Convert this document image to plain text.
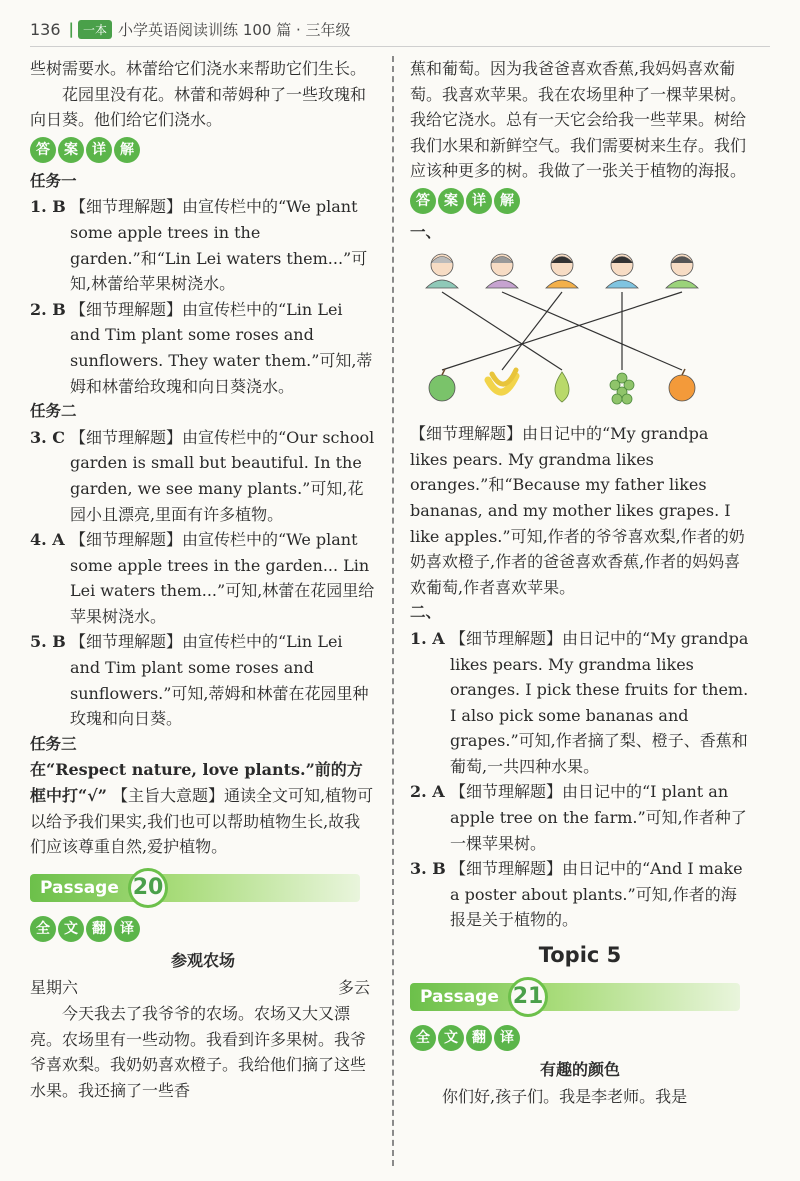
136 | 一本 小学英语阅读训练 100 篇 · 三年级

些树需要水。林蕾给它们浇水来帮助它们生长。

花园里没有花。林蕾和蒂姆种了一些玫瑰和向日葵。他们给它们浇水。

答	案	详	解

任务一

1. B 【细节理解题】由宣传栏中的“We plant some apple trees in the garden.”和“Lin Lei waters them...”可知,林蕾给苹果树浇水。
2. B 【细节理解题】由宣传栏中的“Lin Lei and Tim plant some roses and sunflowers. They water them.”可知,蒂姆和林蕾给玫瑰和向日葵浇水。

任务二

3. C 【细节理解题】由宣传栏中的“Our school garden is small but beautiful. In the garden, we see many plants.”可知,花园小且漂亮,里面有许多植物。
4. A 【细节理解题】由宣传栏中的“We plant some apple trees in the garden... Lin Lei waters them...”可知,林蕾在花园里给苹果树浇水。
5. B 【细节理解题】由宣传栏中的“Lin Lei and Tim plant some roses and sunflowers.”可知,蒂姆和林蕾在花园里种玫瑰和向日葵。

任务三

在“Respect nature, love plants.”前的方框中打“√” 【主旨大意题】通读全文可知,植物可以给予我们果实,我们也可以帮助植物生长,故我们应该尊重自然,爱护植物。

Passage 20
全	文	翻	译

参观农场

星期六	多云

今天我去了我爷爷的农场。农场又大又漂亮。农场里有一些动物。我看到许多果树。我爷爷喜欢梨。我奶奶喜欢橙子。我给他们摘了这些水果。我还摘了一些香

蕉和葡萄。因为我爸爸喜欢香蕉,我妈妈喜欢葡萄。我喜欢苹果。我在农场里种了一棵苹果树。我给它浇水。总有一天它会给我一些苹果。树给我们水果和新鲜空气。我们需要树来生存。我们应该种更多的树。我做了一张关于植物的海报。

答	案	详	解

一、

【细节理解题】由日记中的“My grandpa likes pears. My grandma likes oranges.”和“Because my father likes bananas, and my mother likes grapes. I like apples.”可知,作者的爷爷喜欢梨,作者的奶奶喜欢橙子,作者的爸爸喜欢香蕉,作者的妈妈喜欢葡萄,作者喜欢苹果。

二、

1. A 【细节理解题】由日记中的“My grandpa likes pears. My grandma likes oranges. I pick these fruits for them. I also pick some bananas and grapes.”可知,作者摘了梨、橙子、香蕉和葡萄,一共四种水果。
2. A 【细节理解题】由日记中的“I plant an apple tree on the farm.”可知,作者种了一棵苹果树。
3. B 【细节理解题】由日记中的“And I make a poster about plants.”可知,作者的海报是关于植物的。

Topic 5

Passage 21
全	文	翻	译

有趣的颜色

你们好,孩子们。我是李老师。我是
